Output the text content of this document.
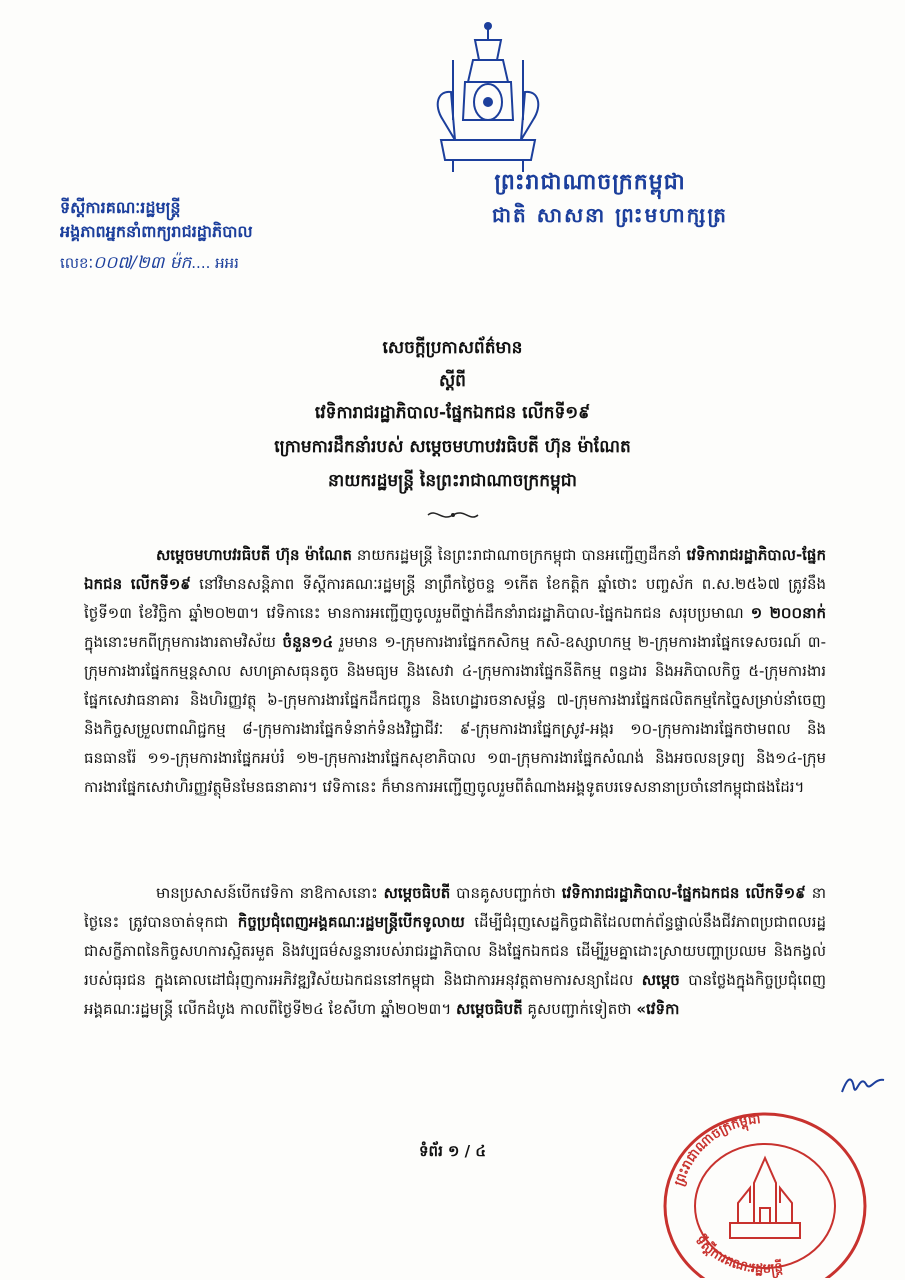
ព្រះរាជាណាចក្រកម្ពុជា
ជាតិ សាសនា ព្រះមហាក្សត្រ
ទីស្តីការគណៈរដ្ឋមន្ត្រី
អង្គភាពអ្នកនាំពាក្យរាជរដ្ឋាភិបាល
លេខៈ០០៧/២៣ ម៉ក.... អអរ
សេចក្តីប្រកាសព័ត៌មាន
ស្តីពី
វេទិការាជរដ្ឋាភិបាល-ផ្នែកឯកជន លើកទី១៩
ក្រោមការដឹកនាំរបស់ សម្តេចមហាបវរធិបតី ហ៊ុន ម៉ាណែត
នាយករដ្ឋមន្ត្រី នៃព្រះរាជាណាចក្រកម្ពុជា
សម្តេចមហាបវរធិបតី ហ៊ុន ម៉ាណែត នាយករដ្ឋមន្ត្រី នៃព្រះរាជាណាចក្រកម្ពុជា បានអញ្ជើញដឹកនាំ វេទិការាជរដ្ឋាភិបាល-ផ្នែកឯកជន លើកទី១៩ នៅវិមានសន្តិភាព ទីស្តីការគណៈរដ្ឋមន្ត្រី នាព្រឹកថ្ងៃចន្ទ ១កើត ខែកត្តិក ឆ្នាំថោះ បញ្ចស័ក ព.ស.២៥៦៧ ត្រូវនឹងថ្ងៃទី១៣ ខែវិច្ឆិកា ឆ្នាំ២០២៣។ វេទិកានេះ មានការអញ្ជើញចូលរួមពីថ្នាក់ដឹកនាំរាជរដ្ឋាភិបាល-ផ្នែកឯកជន សរុបប្រមាណ ១ ២០០នាក់ ក្នុងនោះមកពីក្រុមការងារតាមវិស័យ ចំនួន១៤ រួមមាន ១-ក្រុមការងារផ្នែកកសិកម្ម កសិ-ឧស្សាហកម្ម ២-ក្រុមការងារផ្នែកទេសចរណ៍ ៣-ក្រុមការងារផ្នែកកម្មន្តសាល សហគ្រាសធុនតូច និងមធ្យម និងសេវា ៤-ក្រុមការងារផ្នែកនីតិកម្ម ពន្ធដារ និងអភិបាលកិច្ច ៥-ក្រុមការងារផ្នែកសេវាធនាគារ និងហិរញ្ញវត្ថុ ៦-ក្រុមការងារផ្នែកដឹកជញ្ជូន និងហេដ្ឋារចនាសម្ព័ន្ធ ៧-ក្រុមការងារផ្នែកផលិតកម្មកែច្នៃសម្រាប់នាំចេញ និងកិច្ចសម្រួលពាណិជ្ជកម្ម ៨-ក្រុមការងារផ្នែកទំនាក់ទំនងវិជ្ជាជីវៈ ៩-ក្រុមការងារផ្នែកស្រូវ-អង្ករ ១០-ក្រុមការងារផ្នែកថាមពល និងធនធានរ៉ែ ១១-ក្រុមការងារផ្នែកអប់រំ ១២-ក្រុមការងារផ្នែកសុខាភិបាល ១៣-ក្រុមការងារផ្នែកសំណង់ និងអចលនទ្រព្យ និង១៤-ក្រុមការងារផ្នែកសេវាហិរញ្ញវត្ថុមិនមែនធនាគារ។ វេទិកានេះ ក៏មានការអញ្ជើញចូលរួមពីតំណាងអង្គទូតបរទេសនានាប្រចាំនៅកម្ពុជាផងដែរ។
មានប្រសាសន៍បើកវេទិកា នាឱកាសនោះ សម្តេចធិបតី បានគូសបញ្ជាក់ថា វេទិការាជរដ្ឋាភិបាល-ផ្នែកឯកជន លើកទី១៩ នាថ្ងៃនេះ ត្រូវបានចាត់ទុកជា កិច្ចប្រជុំពេញអង្គគណៈរដ្ឋមន្ត្រីបើកទូលាយ ដើម្បីជំរុញសេដ្ឋកិច្ចជាតិដែលពាក់ព័ន្ធផ្ទាល់នឹងជីវភាពប្រជាពលរដ្ឋ ជាសក្ខីភាពនៃកិច្ចសហការស្អិតរមួត និងវប្បធម៌សន្ទនារបស់រាជរដ្ឋាភិបាល និងផ្នែកឯកជន ដើម្បីរួមគ្នាដោះស្រាយបញ្ហាប្រឈម និងកង្វល់របស់ធុរជន ក្នុងគោលដៅជំរុញការអភិវឌ្ឍវិស័យឯកជននៅកម្ពុជា និងជាការអនុវត្តតាមការសន្យាដែល សម្តេច បានថ្លែងក្នុងកិច្ចប្រជុំពេញអង្គគណៈរដ្ឋមន្ត្រី លើកដំបូង កាលពីថ្ងៃទី២៤ ខែសីហា ឆ្នាំ២០២៣។ សម្តេចធិបតី គូសបញ្ជាក់ទៀតថា «វេទិកា
ទំព័រ ១ / ៤
ព្រះរាជាណាចក្រកម្ពុជា
ទីស្តីការគណៈរដ្ឋមន្ត្រី
